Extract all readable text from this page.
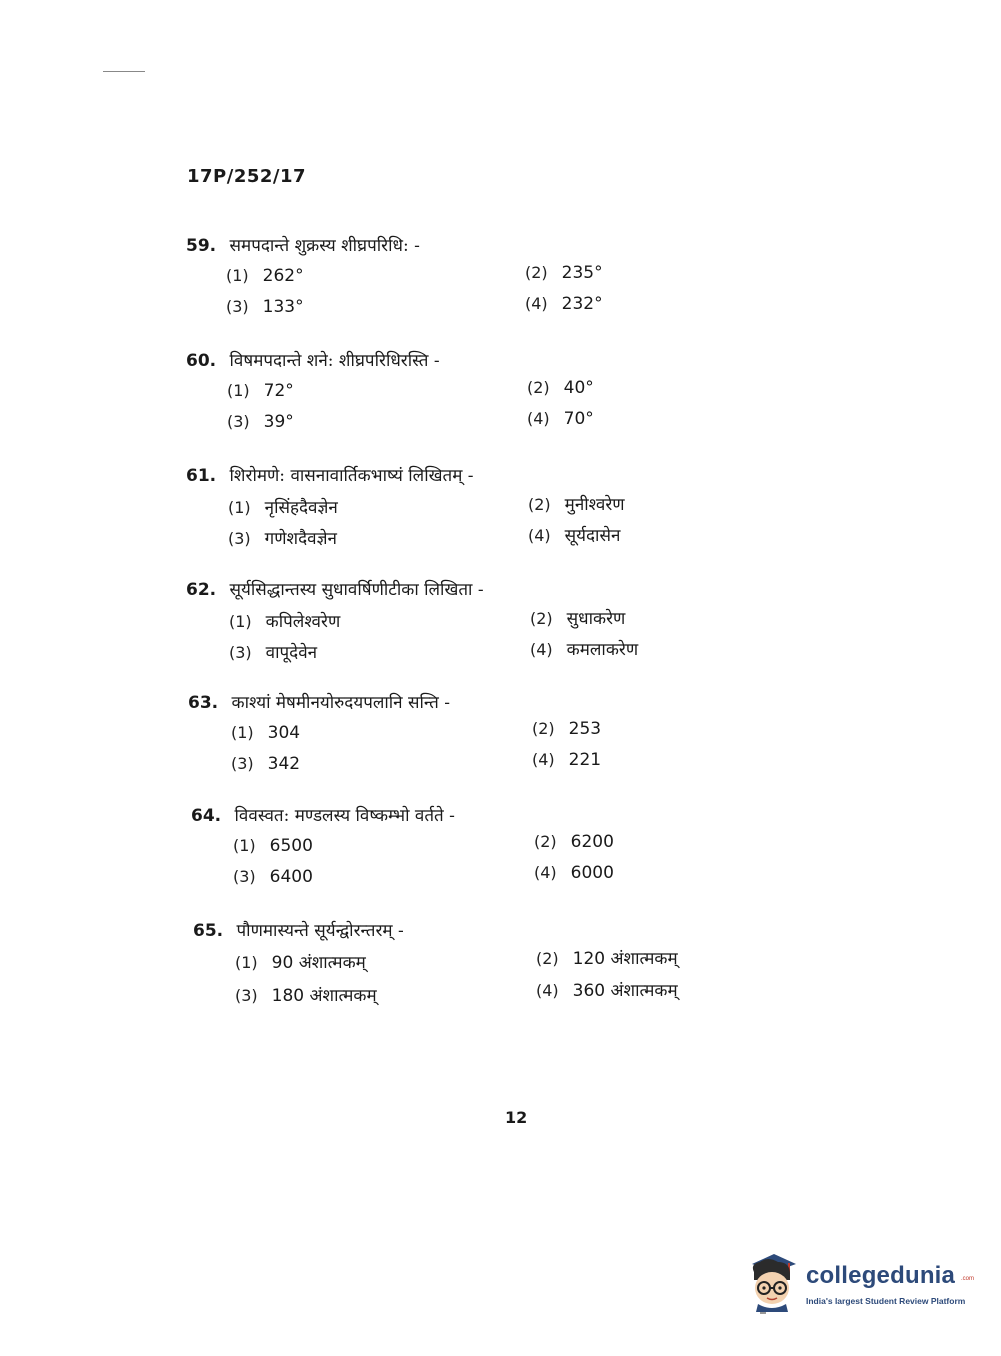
17P/252/17
59. समपदान्ते शुक्रस्य शीघ्रपरिधि: -
(1) 262°	(2) 235°
(3) 133°	(4) 232°
60. विषमपदान्ते शने: शीघ्रपरिधिरस्ति -
(1) 72°	(2) 40°
(3) 39°	(4) 70°
61. शिरोमणे: वासनावार्तिकभाष्यं लिखितम् -
(1) नृसिंहदैवज्ञेन	(2) मुनीश्वरेण
(3) गणेशदैवज्ञेन	(4) सूर्यदासेन
62. सूर्यसिद्धान्तस्य सुधावर्षिणीटीका लिखिता -
(1) कपिलेश्वरेण	(2) सुधाकरेण
(3) वापूदेवेन	(4) कमलाकरेण
63. काश्यां मेषमीनयोरुदयपलानि सन्ति -
(1) 304	(2) 253
(3) 342	(4) 221
64. विवस्वत: मण्डलस्य विष्कम्भो वर्तते -
(1) 6500	(2) 6200
(3) 6400	(4) 6000
65. पौणमास्यन्ते सूर्यन्द्वोरन्तरम् -
(1) 90 अंशात्मकम्	(2) 120 अंशात्मकम्
(3) 180 अंशात्मकम्	(4) 360 अंशात्मकम्
12
collegedunia .com
India's largest Student Review Platform
